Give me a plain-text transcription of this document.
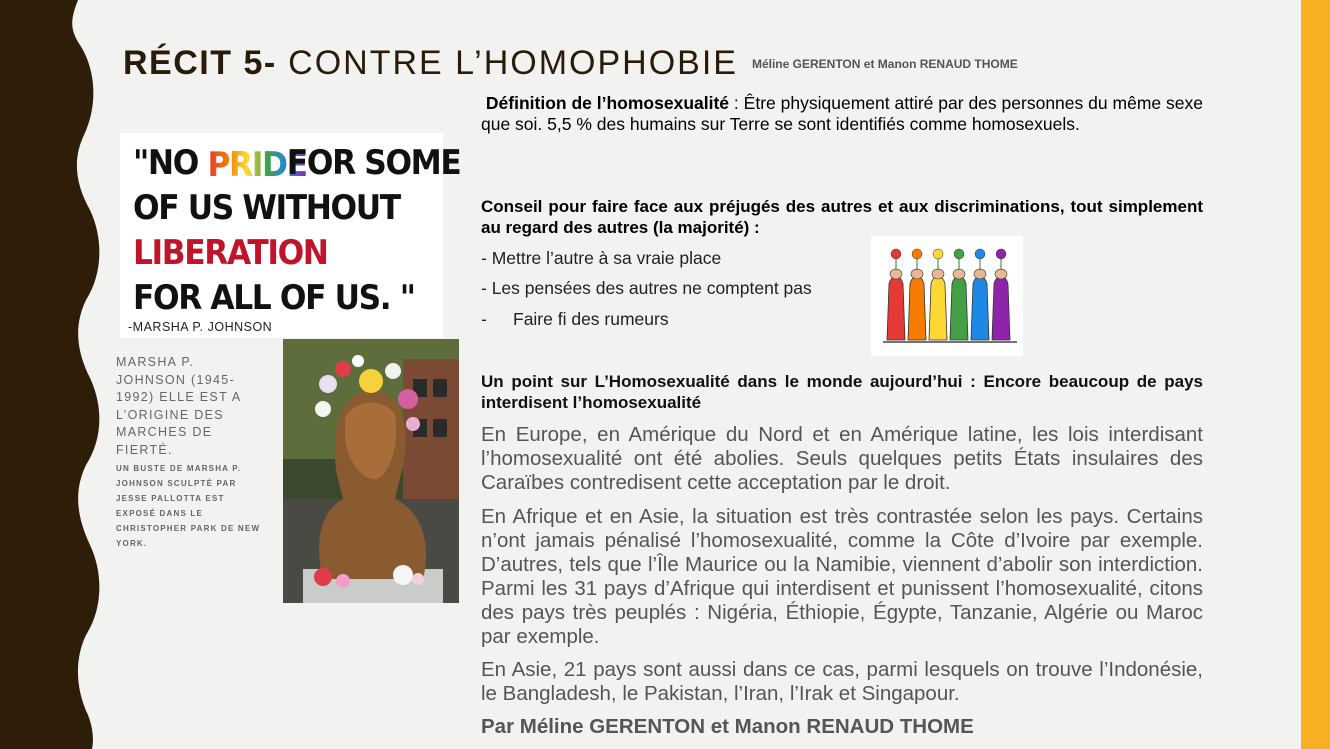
RÉCIT 5- CONTRE L’HOMOPHOBIE $^{Méline GERENTON et Manon RENAUD THOME}$
"NO PRIDE
FOR SOME
OF US WITHOUT
LIBERATION
FOR ALL OF US. "
-MARSHA P. JOHNSON
MARSHA P. JOHNSON (1945-1992) ELLE EST A L’ORIGINE DES MARCHES DE FIERTÉ.
UN BUSTE DE MARSHA P. JOHNSON SCULPTÉ PAR JESSE PALLOTTA EST EXPOSÉ DANS LE CHRISTOPHER PARK DE NEW YORK.
Définition de l’homosexualité : Être physiquement attiré par des personnes du même sexe que soi. 5,5 % des humains sur Terre se sont identifiés comme homosexuels.
Conseil pour faire face aux préjugés des autres et aux discriminations, tout simplement au regard des autres (la majorité) :
- Mettre l’autre à sa vraie place
- Les pensées des autres ne comptent pas
- Faire fi des rumeurs
Un point sur L’Homosexualité dans le monde aujourd’hui : Encore beaucoup de pays interdisent l’homosexualité
En Europe, en Amérique du Nord et en Amérique latine, les lois interdisant l’homosexualité ont été abolies. Seuls quelques petits États insulaires des Caraïbes contredisent cette acceptation par le droit.
En Afrique et en Asie, la situation est très contrastée selon les pays. Certains n’ont jamais pénalisé l’homosexualité, comme la Côte d’Ivoire par exemple. D’autres, tels que l’Île Maurice ou la Namibie, viennent d’abolir son interdiction. Parmi les 31 pays d’Afrique qui interdisent et punissent l’homosexualité, citons des pays très peuplés : Nigéria, Éthiopie, Égypte, Tanzanie, Algérie ou Maroc par exemple.
En Asie, 21 pays sont aussi dans ce cas, parmi lesquels on trouve l’Indonésie, le Bangladesh, le Pakistan, l’Iran, l’Irak et Singapour.
Par Méline GERENTON et Manon RENAUD THOME
